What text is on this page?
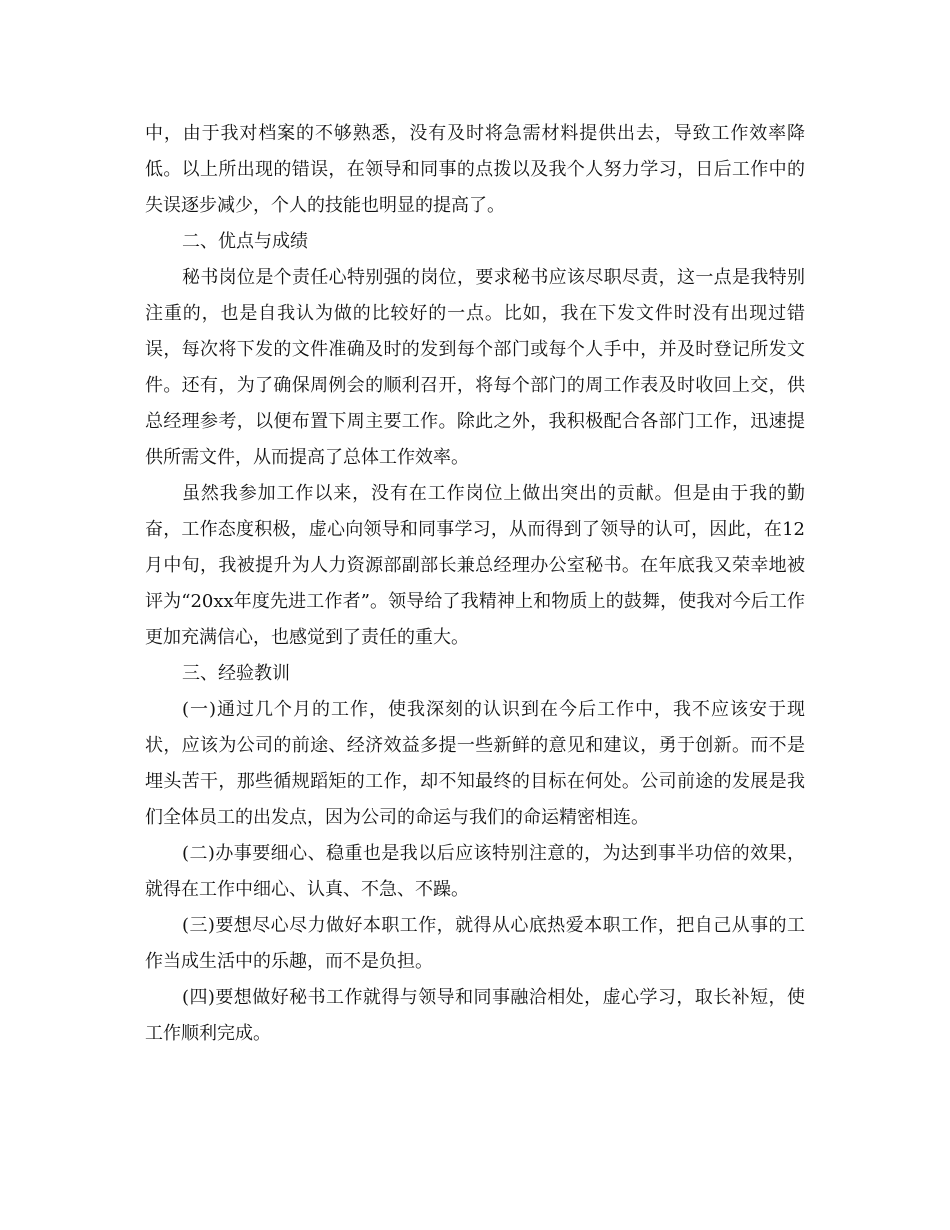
中，由于我对档案的不够熟悉，没有及时将急需材料提供出去，导致工作效率降低。以上所出现的错误，在领导和同事的点拨以及我个人努力学习，日后工作中的失误逐步减少，个人的技能也明显的提高了。

二、优点与成绩

秘书岗位是个责任心特别强的岗位，要求秘书应该尽职尽责，这一点是我特别注重的，也是自我认为做的比较好的一点。比如，我在下发文件时没有出现过错误，每次将下发的文件准确及时的发到每个部门或每个人手中，并及时登记所发文件。还有，为了确保周例会的顺利召开，将每个部门的周工作表及时收回上交，供总经理参考，以便布置下周主要工作。除此之外，我积极配合各部门工作，迅速提供所需文件，从而提高了总体工作效率。

虽然我参加工作以来，没有在工作岗位上做出突出的贡献。但是由于我的勤奋，工作态度积极，虚心向领导和同事学习，从而得到了领导的认可，因此，在12月中旬，我被提升为人力资源部副部长兼总经理办公室秘书。在年底我又荣幸地被评为“20xx年度先进工作者”。领导给了我精神上和物质上的鼓舞，使我对今后工作更加充满信心，也感觉到了责任的重大。

三、经验教训

(一)通过几个月的工作，使我深刻的认识到在今后工作中，我不应该安于现状，应该为公司的前途、经济效益多提一些新鲜的意见和建议，勇于创新。而不是埋头苦干，那些循规蹈矩的工作，却不知最终的目标在何处。公司前途的发展是我们全体员工的出发点，因为公司的命运与我们的命运精密相连。

(二)办事要细心、稳重也是我以后应该特别注意的，为达到事半功倍的效果，就得在工作中细心、认真、不急、不躁。

(三)要想尽心尽力做好本职工作，就得从心底热爱本职工作，把自己从事的工作当成生活中的乐趣，而不是负担。

(四)要想做好秘书工作就得与领导和同事融洽相处，虚心学习，取长补短，使工作顺利完成。
